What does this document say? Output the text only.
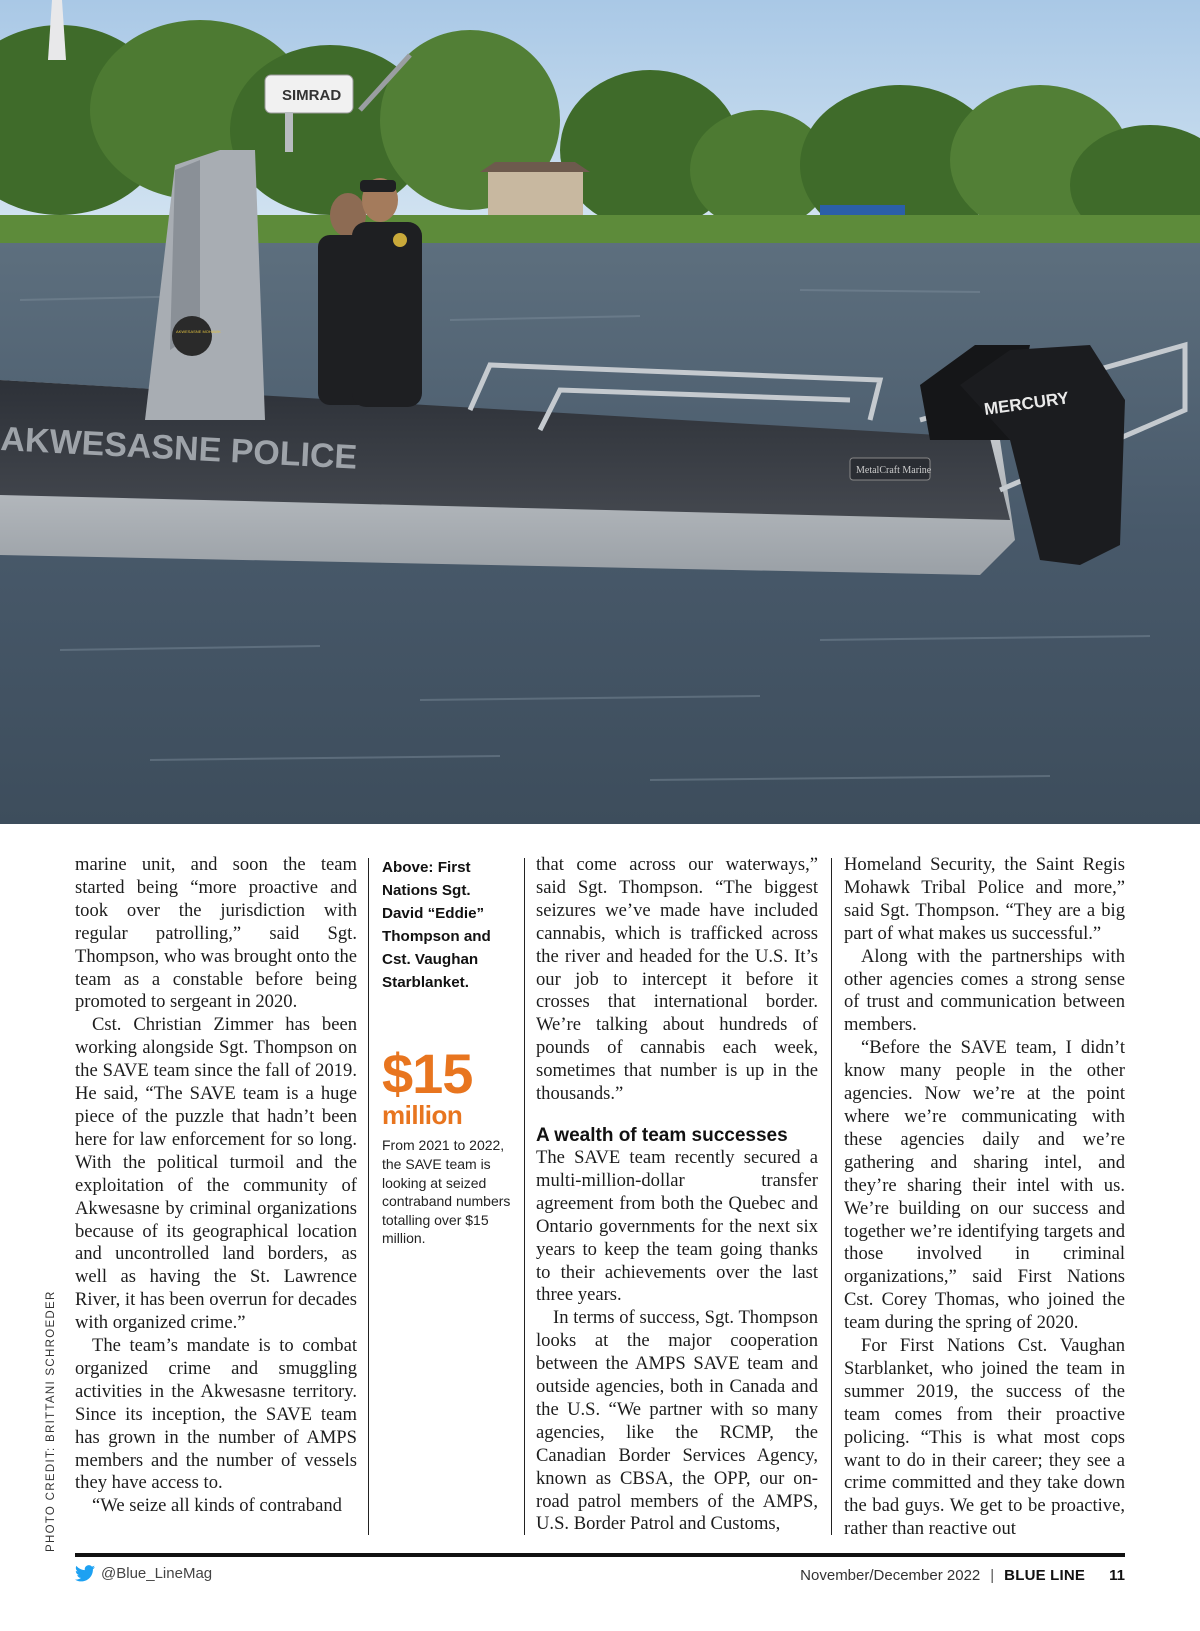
AKWESASNE POLICE	MetalCraft Marine
AKWESASNE MOHAWK
SIMRAD
MERCURY

marine unit, and soon the team started being “more proactive and took over the jurisdiction with regular patrolling,” said Sgt. Thompson, who was brought onto the team as a constable before being promoted to sergeant in 2020.

Cst. Christian Zimmer has been working alongside Sgt. Thompson on the SAVE team since the fall of 2019. He said, “The SAVE team is a huge piece of the puzzle that hadn’t been here for law enforcement for so long. With the political turmoil and the exploitation of the community of Akwesasne by criminal organizations because of its geographical location and uncontrolled land borders, as well as having the St. Lawrence River, it has been overrun for decades with organized crime.”

The team’s mandate is to combat organized crime and smuggling activities in the Akwesasne territory. Since its inception, the SAVE team has grown in the number of AMPS members and the number of vessels they have access to.

“We seize all kinds of contraband

Above: First Nations Sgt. David “Eddie” Thompson and Cst. Vaughan Starblanket.

$15
million
From 2021 to 2022, the SAVE team is looking at seized contraband numbers totalling over $15 million.

that come across our waterways,” said Sgt. Thompson. “The biggest seizures we’ve made have included cannabis, which is trafficked across the river and headed for the U.S. It’s our job to intercept it before it crosses that international border. We’re talking about hundreds of pounds of cannabis each week, sometimes that number is up in the thousands.”

A wealth of team successes

The SAVE team recently secured a multi-million-dollar transfer agreement from both the Quebec and Ontario governments for the next six years to keep the team going thanks to their achievements over the last three years.

In terms of success, Sgt. Thompson looks at the major cooperation between the AMPS SAVE team and outside agencies, both in Canada and the U.S. “We partner with so many agencies, like the RCMP, the Canadian Border Services Agency, known as CBSA, the OPP, our on-road patrol members of the AMPS, U.S. Border Patrol and Customs,

Homeland Security, the Saint Regis Mohawk Tribal Police and more,” said Sgt. Thompson. “They are a big part of what makes us successful.”

Along with the partnerships with other agencies comes a strong sense of trust and communication between members.

“Before the SAVE team, I didn’t know many people in the other agencies. Now we’re at the point where we’re communicating with these agencies daily and we’re gathering and sharing intel, and they’re sharing their intel with us. We’re building on our success and together we’re identifying targets and those involved in criminal organizations,” said First Nations Cst. Corey Thomas, who joined the team during the spring of 2020.

For First Nations Cst. Vaughan Starblanket, who joined the team in summer 2019, the success of the team comes from their proactive policing. “This is what most cops want to do in their career; they see a crime committed and they take down the bad guys. We get to be proactive, rather than reactive out

PHOTO CREDIT: BRITTANI SCHROEDER
@Blue_LineMag	November/December 2022 | BLUE LINE 11
